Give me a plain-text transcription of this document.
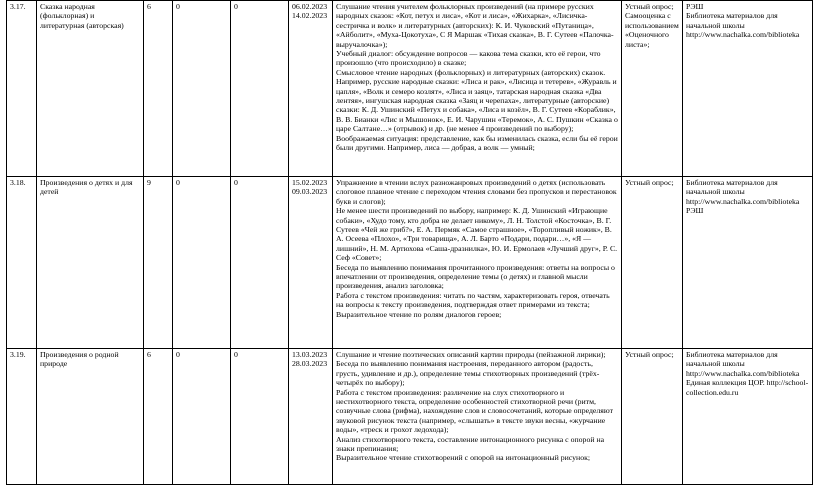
3.17.	Сказка народная (фольклорная) и литературная (авторская)	6	0	0	06.02.2023
14.02.2023	Слушание чтения учителем фольклорных произведений (на примере русских народных сказок: «Кот, петух и лиса», «Кот и лиса», «Жихарка», «Лисичка-сестричка и волк» и литературных (авторских): К. И. Чуковский «Путаница», «Айболит», «Муха-Цокотуха», С Я Маршак «Тихая сказка», В. Г. Сутеев «Палочка-выручалочка»);
Учебный диалог: обсуждение вопросов — какова тема сказки, кто её герои, что произошло (что происходило) в сказке;
Смысловое чтение народных (фольклорных) и литературных (авторских) сказок. Например, русские народные сказки: «Лиса и рак», «Лисица и тетерев», «Журавль и цапля», «Волк и семеро козлят», «Лиса и заяц», татарская народная сказка «Два лентяя», ингушская народная сказка «Заяц и черепаха», литературные (авторские) сказки: К. Д. Ушинский «Петух и собака», «Лиса и козёл», В. Г. Сутеев «Кораблик», В. В. Бианки «Лис и Мышонок», Е. И. Чарушин «Теремок», А. С. Пушкин «Сказка о царе Салтане…» (отрывок) и др. (не менее 4 произведений по выбору);
Воображаемая ситуация: представление, как бы изменилась сказка, если бы её герои были другими. Например, лиса — добрая, а волк — умный;	Устный опрос; Самооценка с использованием «Оценочного листа»;	РЭШ
Библиотека материалов для начальной школы http://www.nachalka.com/biblioteka

3.18.	Произведения о детях и для детей	9	0	0	15.02.2023
09.03.2023	Упражнение в чтении вслух разножанровых произведений о детях (использовать слоговое плавное чтение с переходом чтения словами без пропусков и перестановок букв и слогов);
Не менее шести произведений по выбору, например: К. Д. Ушинский «Играющие собаки», «Худо тому, кто добра не делает никому», Л. Н. Толстой «Косточка», В. Г. Сутеев «Чей же гриб?», Е. А. Пермяк «Самое страшное», «Торопливый ножик», В. А. Осеева «Плохо», «Три товарища», А. Л. Барто «Подари, подари…», «Я — лишний», Н. М. Артюхова «Саша-дразнилка», Ю. И. Ермолаев «Лучший друг», Р. С. Сеф «Совет»;
Беседа по выявлению понимания прочитанного произведения: ответы на вопросы о впечатлении от произведения, определение темы (о детях) и главной мысли произведения, анализ заголовка;
Работа с текстом произведения: читать по частям, характеризовать героя, отвечать на вопросы к тексту произведения, подтверждая ответ примерами из текста;
Выразительное чтение по ролям диалогов героев;	Устный опрос;	Библиотека материалов для начальной школы http://www.nachalka.com/biblioteka
РЭШ

3.19.	Произведения о родной природе	6	0	0	13.03.2023
28.03.2023	Слушание и чтение поэтических описаний картин природы (пейзажной лирики);
Беседа по выявлению понимания настроения, переданного автором (радость, грусть, удивление и др.), определение темы стихотворных произведений (трёх-четырёх по выбору);
Работа с текстом произведения: различение на слух стихотворного и нестихотворного текста, определение особенностей стихотворной речи (ритм, созвучные слова (рифма), нахождение слов и словосочетаний, которые определяют звуковой рисунок текста (например, «слышать» в тексте звуки весны, «журчание воды», «треск и грохот ледохода);
Анализ стихотворного текста, составление интонационного рисунка с опорой на знаки препинания;
Выразительное чтение стихотворений с опорой на интонационный рисунок;	Устный опрос;	Библиотека материалов для начальной школы http://www.nachalka.com/biblioteka
Единая коллекция ЦОР. http://school-collection.edu.ru
